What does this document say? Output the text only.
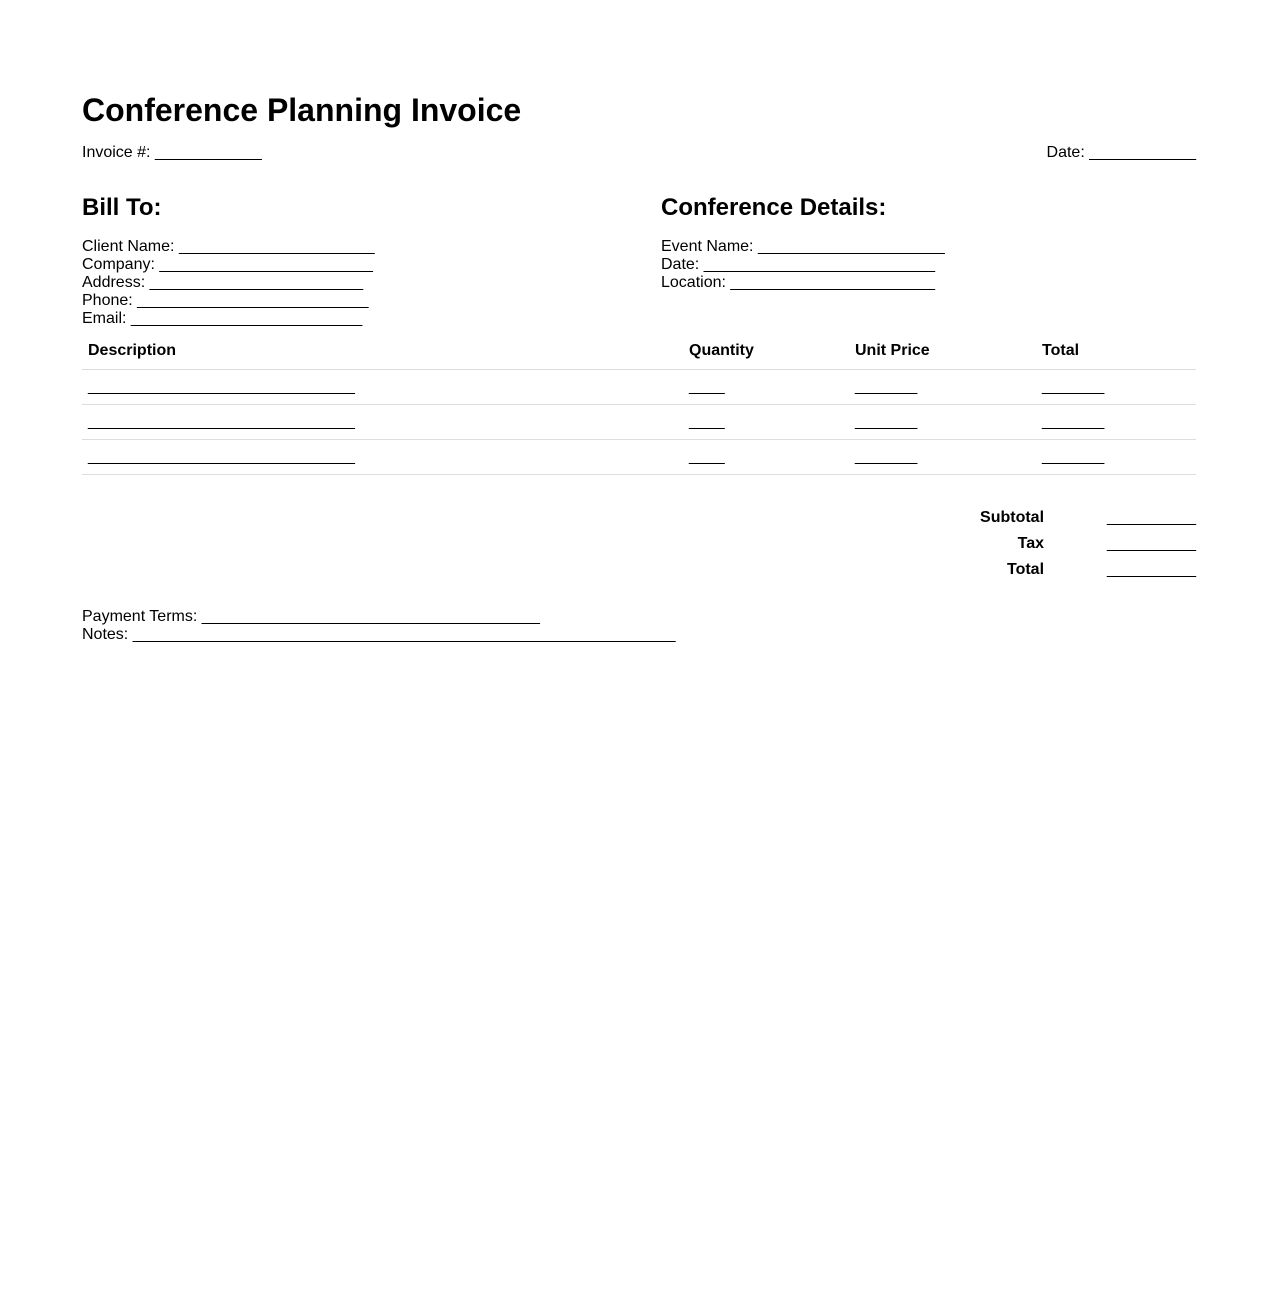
Conference Planning Invoice
Invoice #: ____________	Date: ____________
Bill To:
Client Name: ______________________
Company: ________________________
Address: ________________________
Phone: __________________________
Email: __________________________
Conference Details:
Event Name: _____________________
Date: __________________________
Location: _______________________
Description	Quantity	Unit Price	Total
______________________________	____	_______	_______
______________________________	____	_______	_______
______________________________	____	_______	_______
Subtotal	__________
Tax	__________
Total	__________
Payment Terms: ______________________________________
Notes: _____________________________________________________________
